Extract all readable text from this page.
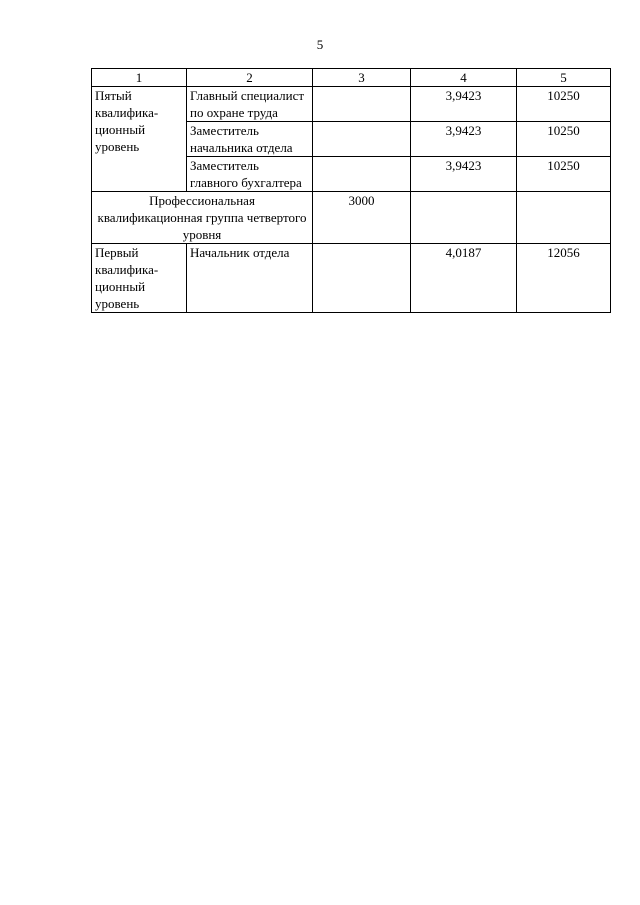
5
1	2	3	4	5
Пятый квалифика-ционный уровень	Главный специалист по охране труда		3,9423	10250
	Заместитель начальника отдела		3,9423	10250
	Заместитель главного бухгалтера		3,9423	10250
Профессиональная квалификационная группа четвертого уровня		3000		
Первый квалифика-ционный уровень	Начальник отдела		4,0187	12056
